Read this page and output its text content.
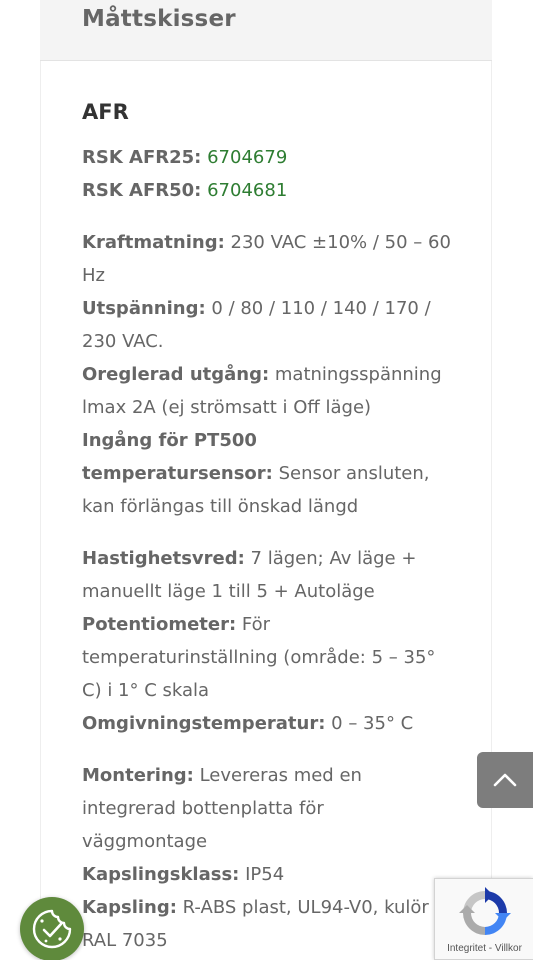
Måttskisser
AFR
RSK AFR25: 6704679
RSK AFR50: 6704681
Kraftmatning: 230 VAC ±10% / 50 – 60 Hz
Utspänning: 0 / 80 / 110 / 140 / 170 / 230 VAC.
Oreglerad utgång: matningsspänning lmax 2A (ej strömsatt i Off läge)
Ingång för PT500 temperatursensor: Sensor ansluten, kan förlängas till önskad längd
Hastighetsvred: 7 lägen; Av läge + manuellt läge 1 till 5 + Autoläge
Potentiometer: För temperaturinställning (område: 5 – 35° C) i 1° C skala
Omgivningstemperatur: 0 – 35° C
Montering: Levereras med en integrerad bottenplatta för väggmontage
Kapslingsklass: IP54
Kapsling: R-ABS plast, UL94-V0, kulör RAL 7035	Integritet - Villkor
